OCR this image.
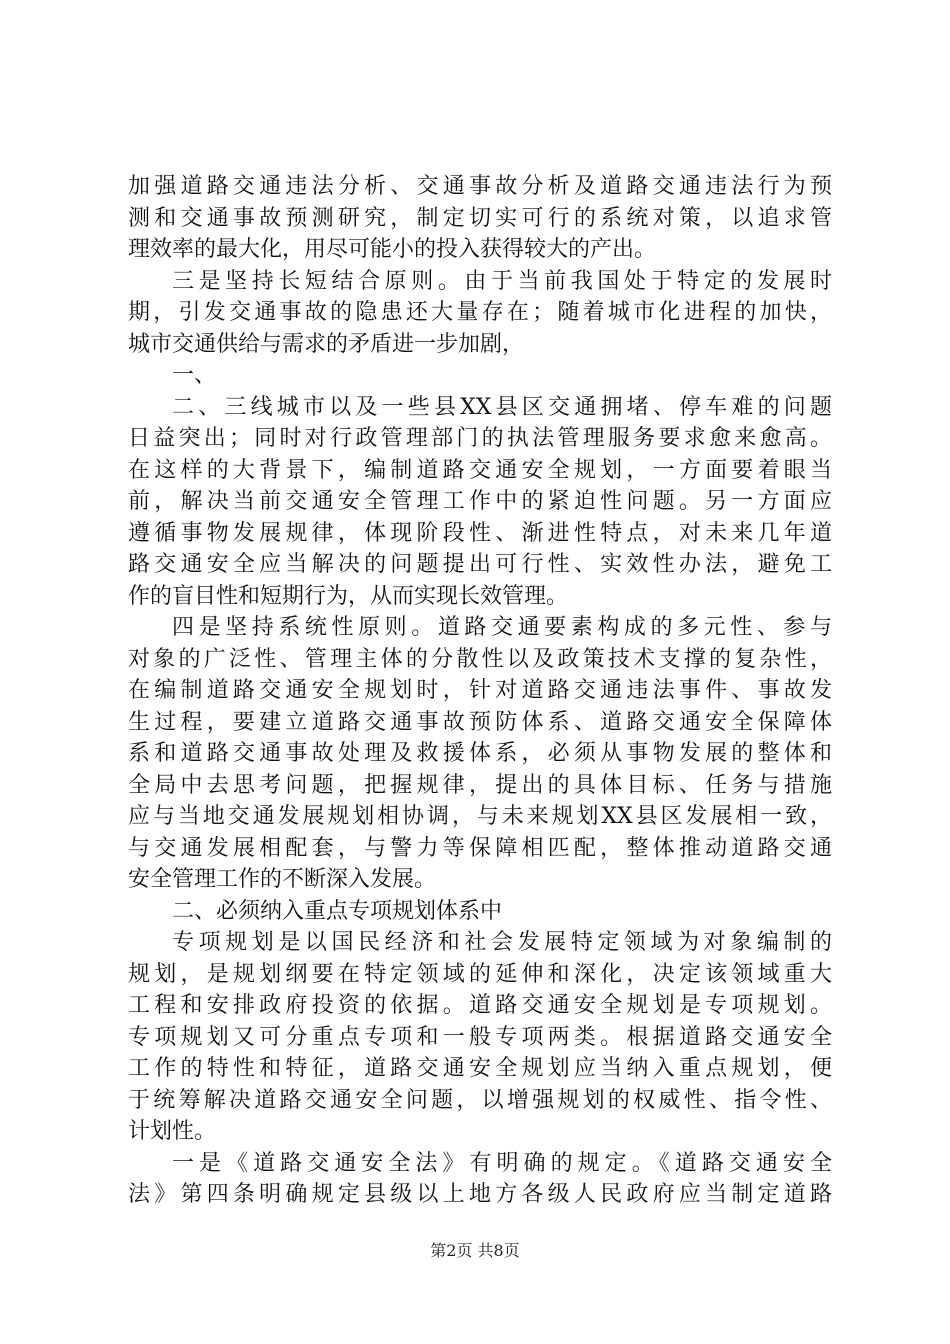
加强道路交通违法分析、交通事故分析及道路交通违法行为预
测和交通事故预测研究，制定切实可行的系统对策，以追求管
理效率的最大化，用尽可能小的投入获得较大的产出。
三是坚持长短结合原则。由于当前我国处于特定的发展时
期，引发交通事故的隐患还大量存在；随着城市化进程的加快，
城市交通供给与需求的矛盾进一步加剧，
一、
二、三线城市以及一些县XX县区交通拥堵、停车难的问题
日益突出；同时对行政管理部门的执法管理服务要求愈来愈高。
在这样的大背景下，编制道路交通安全规划，一方面要着眼当
前，解决当前交通安全管理工作中的紧迫性问题。另一方面应
遵循事物发展规律，体现阶段性、渐进性特点，对未来几年道
路交通安全应当解决的问题提出可行性、实效性办法，避免工
作的盲目性和短期行为，从而实现长效管理。
四是坚持系统性原则。道路交通要素构成的多元性、参与
对象的广泛性、管理主体的分散性以及政策技术支撑的复杂性，
在编制道路交通安全规划时，针对道路交通违法事件、事故发
生过程，要建立道路交通事故预防体系、道路交通安全保障体
系和道路交通事故处理及救援体系，必须从事物发展的整体和
全局中去思考问题，把握规律，提出的具体目标、任务与措施
应与当地交通发展规划相协调，与未来规划XX县区发展相一致，
与交通发展相配套，与警力等保障相匹配，整体推动道路交通
安全管理工作的不断深入发展。
二、必须纳入重点专项规划体系中
专项规划是以国民经济和社会发展特定领域为对象编制的
规划，是规划纲要在特定领域的延伸和深化，决定该领域重大
工程和安排政府投资的依据。道路交通安全规划是专项规划。
专项规划又可分重点专项和一般专项两类。根据道路交通安全
工作的特性和特征，道路交通安全规划应当纳入重点规划，便
于统筹解决道路交通安全问题，以增强规划的权威性、指令性、
计划性。
一是《道路交通安全法》有明确的规定。《道路交通安全
法》第四条明确规定县级以上地方各级人民政府应当制定道路
第2页 共8页
